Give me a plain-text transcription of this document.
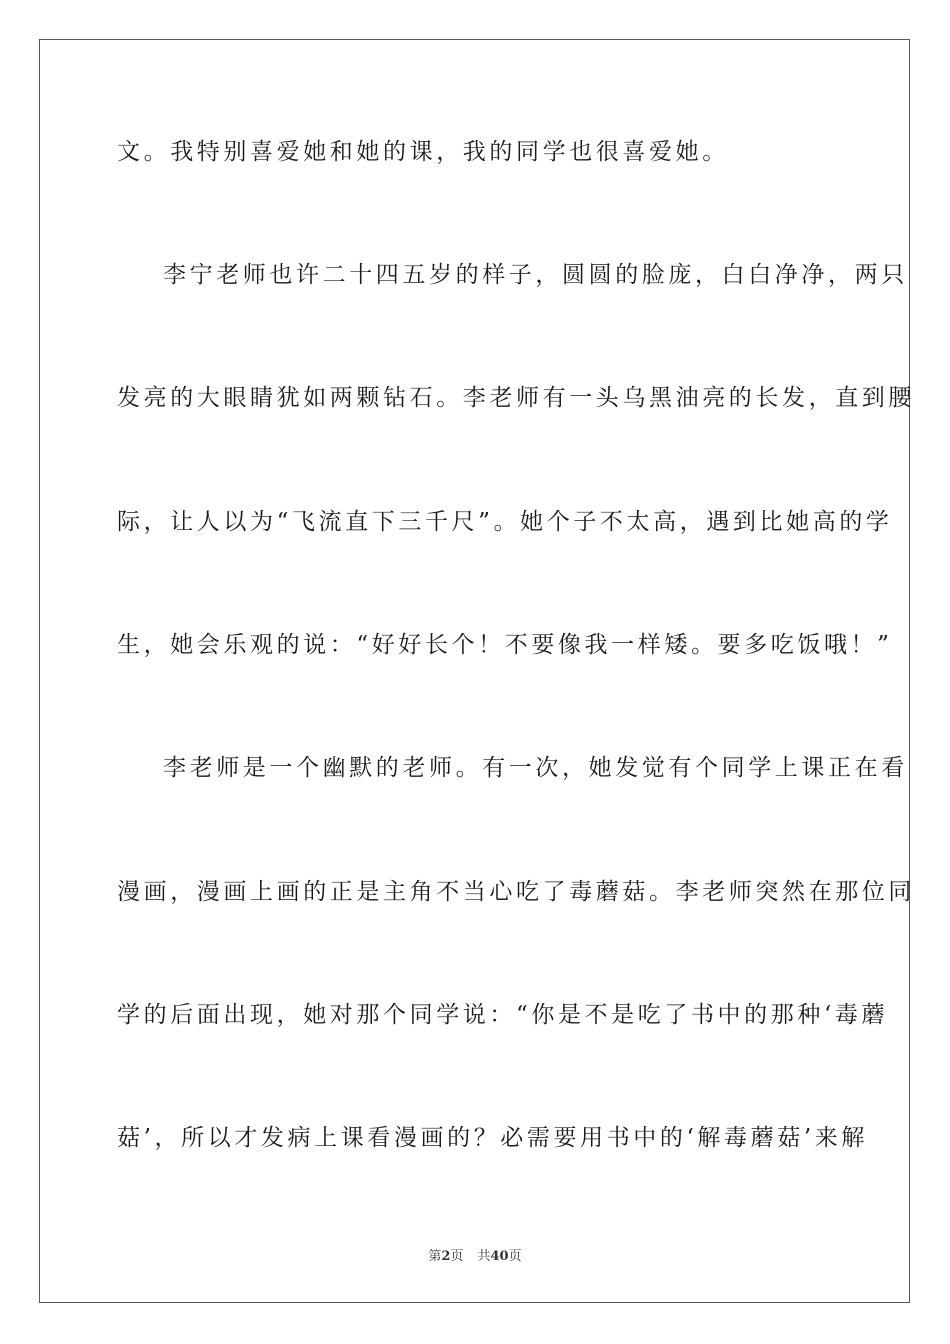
文。我特别喜爱她和她的课，我的同学也很喜爱她。
李宁老师也许二十四五岁的样子，圆圆的脸庞，白白净净，两只
发亮的大眼睛犹如两颗钻石。李老师有一头乌黑油亮的长发，直到腰
际，让人以为“飞流直下三千尺”。她个子不太高，遇到比她高的学
生，她会乐观的说：“好好长个！不要像我一样矮。要多吃饭哦！”
李老师是一个幽默的老师。有一次，她发觉有个同学上课正在看
漫画，漫画上画的正是主角不当心吃了毒蘑菇。李老师突然在那位同
学的后面出现，她对那个同学说：“你是不是吃了书中的那种‘毒蘑
菇’，所以才发病上课看漫画的？必需要用书中的‘解毒蘑菇’来解
第2页 共40页
